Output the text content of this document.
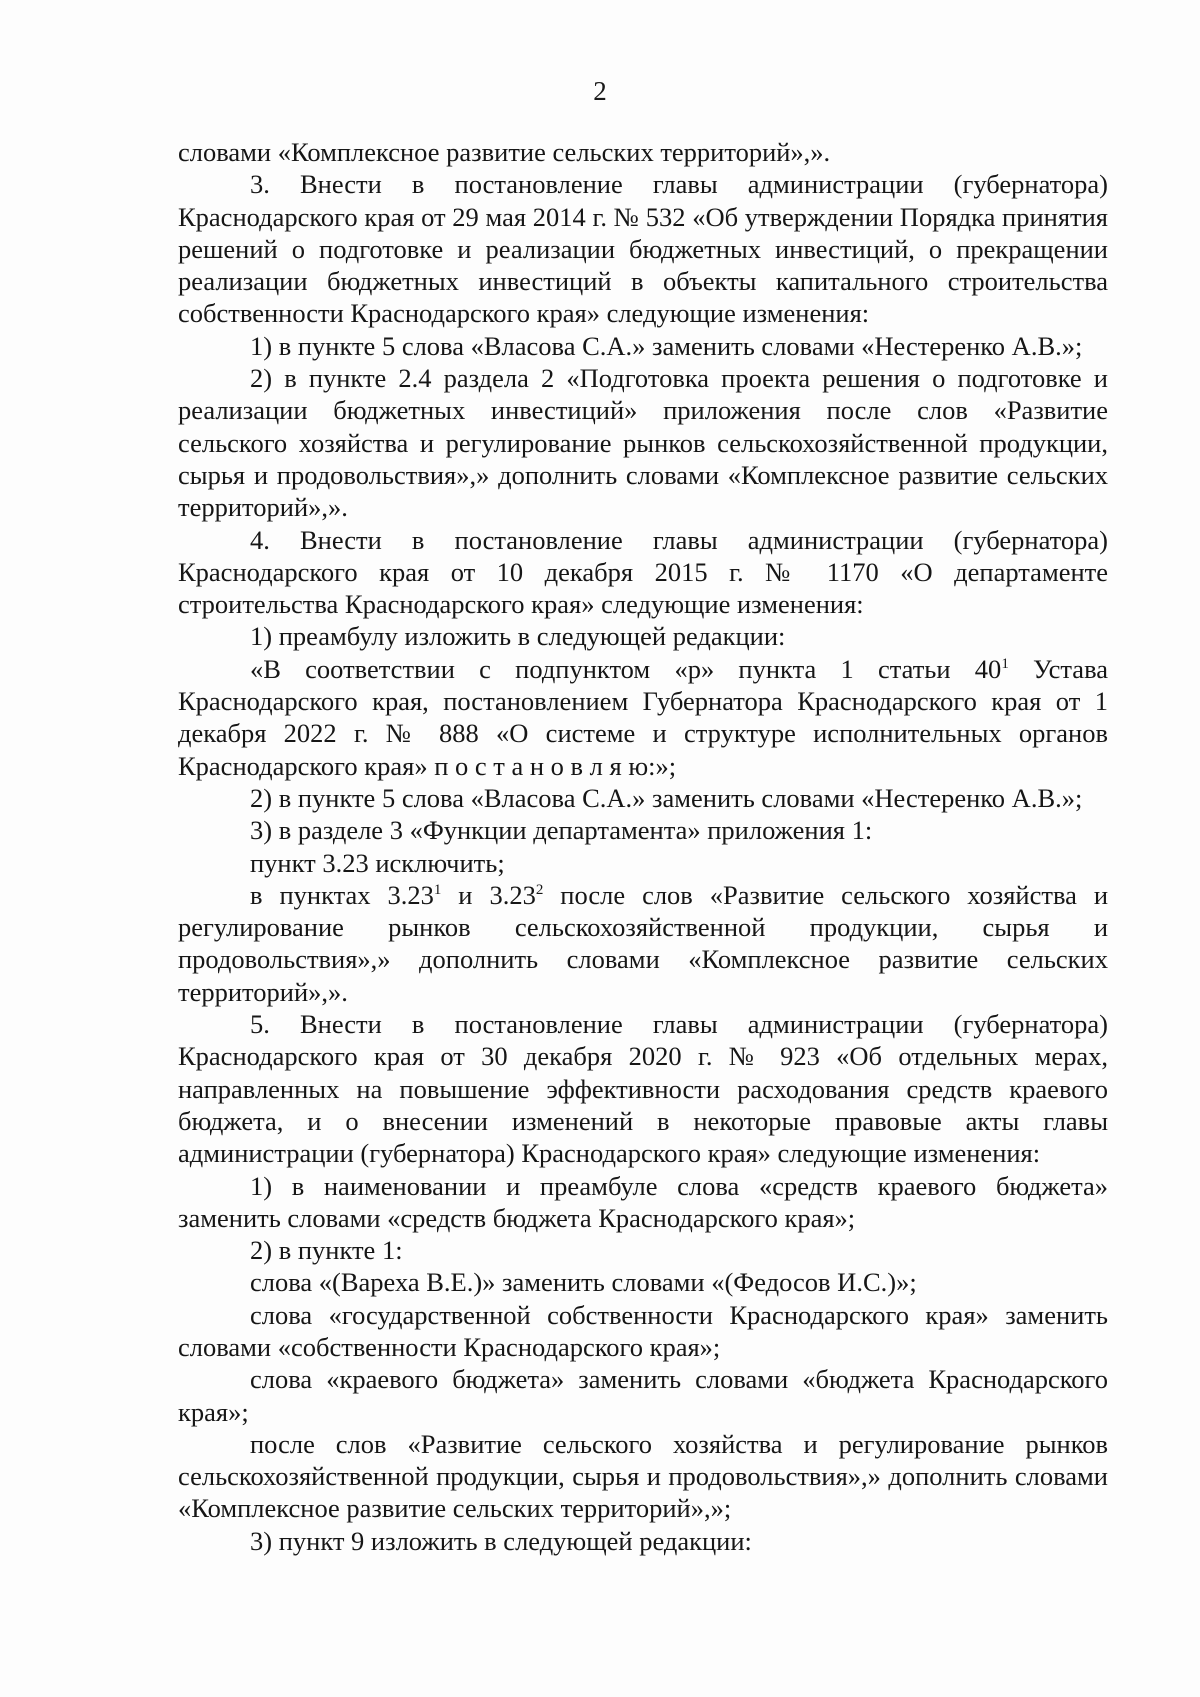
2

словами «Комплексное развитие сельских территорий»,».

3. Внести в постановление главы администрации (губернатора) Краснодарского края от 29 мая 2014 г. № 532 «Об утверждении Порядка принятия решений о подготовке и реализации бюджетных инвестиций, о прекращении реализации бюджетных инвестиций в объекты капитального строительства собственности Краснодарского края» следующие изменения:

1) в пункте 5 слова «Власова С.А.» заменить словами «Нестеренко А.В.»;

2) в пункте 2.4 раздела 2 «Подготовка проекта решения о подготовке и реализации бюджетных инвестиций» приложения после слов «Развитие сельского хозяйства и регулирование рынков сельскохозяйственной продукции, сырья и продовольствия»,» дополнить словами «Комплексное развитие сельских территорий»,».

4. Внести в постановление главы администрации (губернатора) Краснодарского края от 10 декабря 2015 г. № 1170 «О департаменте строительства Краснодарского края» следующие изменения:

1) преамбулу изложить в следующей редакции:

«В соответствии с подпунктом «р» пункта 1 статьи $40^1$ Устава Краснодарского края, постановлением Губернатора Краснодарского края от 1 декабря 2022 г. № 888 «О системе и структуре исполнительных органов Краснодарского края» п о с т а н о в л я ю:»;

2) в пункте 5 слова «Власова С.А.» заменить словами «Нестеренко А.В.»;

3) в разделе 3 «Функции департамента» приложения 1:

пункт 3.23 исключить;

в пунктах 3.23$^1$ и 3.23$^2$ после слов «Развитие сельского хозяйства и регулирование рынков сельскохозяйственной продукции, сырья и продовольствия»,» дополнить словами «Комплексное развитие сельских территорий»,».

5. Внести в постановление главы администрации (губернатора) Краснодарского края от 30 декабря 2020 г. № 923 «Об отдельных мерах, направленных на повышение эффективности расходования средств краевого бюджета, и о внесении изменений в некоторые правовые акты главы администрации (губернатора) Краснодарского края» следующие изменения:

1) в наименовании и преамбуле слова «средств краевого бюджета» заменить словами «средств бюджета Краснодарского края»;

2) в пункте 1:

слова «(Вареха В.Е.)» заменить словами «(Федосов И.С.)»;

слова «государственной собственности Краснодарского края» заменить словами «собственности Краснодарского края»;

слова «краевого бюджета» заменить словами «бюджета Краснодарского края»;

после слов «Развитие сельского хозяйства и регулирование рынков сельскохозяйственной продукции, сырья и продовольствия»,» дополнить словами «Комплексное развитие сельских территорий»,»;

3) пункт 9 изложить в следующей редакции:
